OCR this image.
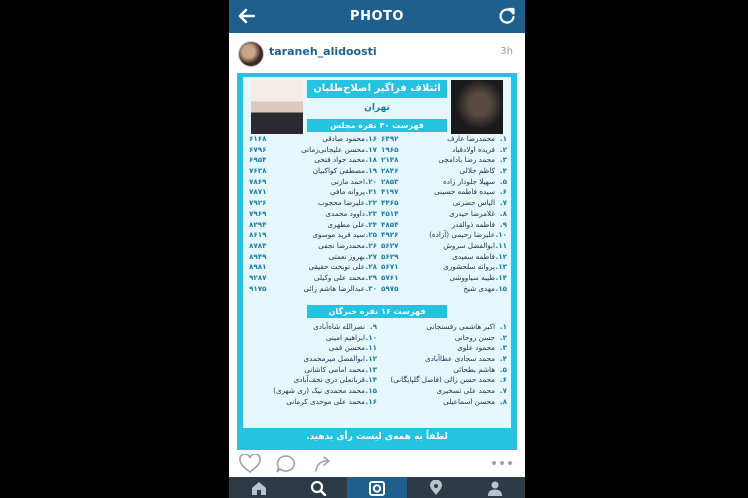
PHOTO
taraneh_alidoosti	3h
ائتلاف فراگیر اصلاح‌طلبان
تهران
فهرست ۳۰ نفره مجلس
۱.محمدرضا عارف
۶۴۹۲
۲.فریده اولادقباد
۱۹۶۵
۳.محمد رضا بادامچی
۲۱۴۸
۴.کاظم جلالی
۲۸۴۶
۵.سهیلا جلودار زاده
۲۸۵۳
۶.سیده فاطمه حسینی
۴۱۹۷
۷.الیاس حضرتی
۴۴۶۵
۸.غلامرضا حیدری
۴۵۱۴
۹.فاطمه ذوالقدر
۴۸۵۴
۱۰.علیرضا رحیمی (آزاده)
۴۹۲۶
۱۱.ابوالفضل سروش
۵۶۲۷
۱۲.فاطمه سعیدی
۵۶۲۹
۱۳.پروانه سلحشوری
۵۶۷۱
۱۴.طیبه سیاووشی
۵۷۶۱
۱۵.مهدی شیخ
۵۹۷۵
۱۶.محمود صادقی
۶۱۶۸
۱۷.محسن علیجانی‌زمانی
۶۷۹۶
۱۸.محمد جواد فتحی
۶۹۵۴
۱۹.مصطفی کواکبیان
۷۶۳۸
۲۰.احمد مازنی
۷۸۶۹
۲۱.پروانه مافی
۷۸۷۱
۲۲.علیرضا محجوب
۷۹۲۶
۲۳.داوود محمدی
۷۹۶۹
۲۴.علی مطهری
۸۲۹۴
۲۵.سید فرید موسوی
۸۶۱۹
۲۶.محمدرضا نجفی
۸۷۸۴
۲۷.بهروز نعمتی
۸۹۴۹
۲۸.علی نوبخت حقیقی
۸۹۸۱
۲۹.محمد علی وکیلی
۹۲۸۷
۳۰.عبدالرضا هاشم زائی
۹۱۷۵
فهرست ۱۶ نفره خبرگان
۱.اکبر هاشمی رفسنجانی
۲.حسن روحانی
۳.محمود علوی
۴.محمد سجادی عطاآبادی
۵.هاشم بطحائی
۶.محمد حسن زالی (فاضل گلپایگانی)
۷.محمد علی تسخیری
۸.محسن اسماعیلی
۹.نصرالله شاه‌آبادی
۱۰.ابراهیم امینی
۱۱.محسن قمی
۱۲.ابوالفضل میرمحمدی
۱۳.محمد امامی کاشانی
۱۴.قربانعلی دری نجف‌آبادی
۱۵.محمد محمدی نیک (ری شهری)
۱۶.محمد علی موحدی کرمانی
لطفاً به همه‌ی لیست رأی بدهید.
